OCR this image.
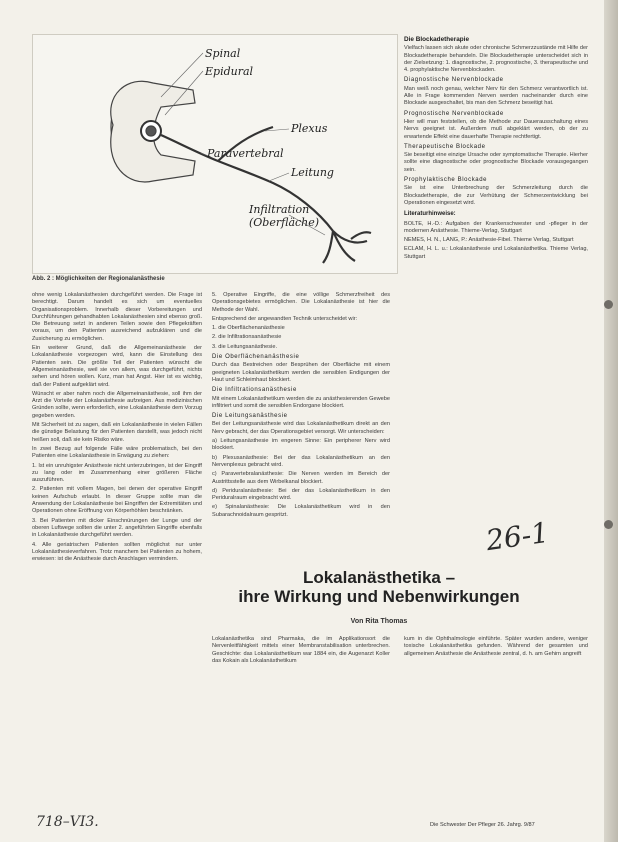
Spinal
Epidural
Plexus
Paravertebral
Leitung
Infiltration
(Oberfläche)
Abb. 2 : Möglichkeiten der Regionalanästhesie

ohne wenig Lokalanästhesien durchgeführt werden. Die Frage ist berechtigt. Darum handelt es sich um eventuelles Organisationsproblem. Innerhalb dieser Vorbereitungen und Durchführungen gehandhabten Lokalanästhesien sind ebenso groß. Die Betreuung setzt in anderen Teilen sowie den Pflegekräften voraus, um den Patienten ausreichend aufzuklären und die Zusicherung zu ermöglichen.

Ein weiterer Grund, daß die Allgemeinanästhesie der Lokalanästhesie vorgezogen wird, kann die Einstellung des Patienten sein. Die größte Teil der Patienten wünscht die Allgemeinanästhesie, weil sie von allem, was durchgeführt, nichts sehen und hören wollen. Kurz, man hat Angst. Hier ist es wichtig, daß der Patient aufgeklärt wird.

Wünscht er aber nahm noch die Allgemeinanästhesie, soll ihm der Arzt die Vorteile der Lokalanästhesie aufzeigen. Aus medizinischen Gründen sollte, wenn erforderlich, eine Lokalanästhesie dem Vorzug gegeben werden.

Mit Sicherheit ist zu sagen, daß ein Lokalanästhesie in vielen Fällen die günstige Belastung für den Patienten darstellt, was jedoch nicht heißen soll, daß sie kein Risiko wäre.

In zwei Bezug auf folgende Fälle wäre problematisch, bei den Patienten eine Lokalanästhesie in Erwägung zu ziehen:

1. Ist ein unruhigster Anästhesie nicht unterzubringen, ist der Eingriff zu lang oder im Zusammenhang einer größeren Fläche auszuführen.

2. Patienten mit vollem Magen, bei denen der operative Eingriff keinen Aufschub erlaubt. In dieser Gruppe sollte man die Anwendung der Lokalanästhesie bei Eingriffen der Extremitäten und Operationen ohne Eröffnung von Körperhöhlen beschränken.

3. Bei Patienten mit dicker Einschnürungen der Lunge und der oberen Luftwege sollten die unter 2. angeführten Eingriffe ebenfalls in Lokalanästhesie durchgeführt werden.

4. Alle geriatrischen Patienten sollten möglichst nur unter Lokalanästhesieverfahren. Trotz manchem bei Patienten zu hohem, erwiesen: ist die Anästhesie durch Anschlagen vermindern.

5. Operative Eingriffe, die eine völlige Schmerzfreiheit des Operationsgebietes ermöglichen. Die Lokalanästhesie ist hier die Methode der Wahl.

Entsprechend der angewandten Technik unterscheidet wir:

1. die Oberflächenanästhesie

2. die Infiltrationsanästhesie

3. die Leitungsanästhesie.

Die Oberflächenanästhesie

Durch das Bestreichen oder Besprühen der Oberfläche mit einem geeigneten Lokalanästhetikum werden die sensiblen Endigungen der Haut und Schleimhaut blockiert.

Die Infiltrationsanästhesie

Mit einem Lokalanästhetikum werden die zu anästhesierenden Gewebe infiltriert und somit die sensiblen Endorgane blockiert.

Die Leitungsanästhesie

Bei der Leitungsanästhesie wird das Lokalanästhetikum direkt an den Nerv gebracht, der das Operationsgebiet versorgt. Wir unterscheiden:

a) Leitungsanästhesie im engeren Sinne: Ein peripherer Nerv wird blockiert.

b) Plexusanästhesie: Bei der das Lokalanästhetikum an den Nervenplexus gebracht wird.

c) Paravertebralanästhesie: Die Nerven werden im Bereich der Austrittsstelle aus dem Wirbelkanal blockiert.

d) Periduralanästhesie: Bei der das Lokalanästhetikum in den Periduralraum eingebracht wird.

e) Spinalanästhesie: Die Lokalanästhetikum wird in den Subarachnoidalraum gespritzt.

Die Blockadetherapie

Vielfach lassen sich akute oder chronische Schmerzzustände mit Hilfe der Blockadetherapie behandeln. Die Blockadetherapie unterscheidet sich in der Zielsetzung: 1. diagnostische, 2. prognostische, 3. therapeutische und 4. prophylaktische Nervenblockaden.

Diagnostische Nervenblockade

Man weiß noch genau, welcher Nerv für den Schmerz verantwortlich ist. Alle in Frage kommenden Nerven werden nacheinander durch eine Blockade ausgeschaltet, bis man den Schmerz beseitigt hat.

Prognostische Nervenblockade

Hier will man feststellen, ob die Methode zur Dauerausschaltung eines Nervs geeignet ist. Außerdem muß abgeklärt werden, ob der zu erwartende Effekt eine dauerhafte Therapie rechtfertigt.

Therapeutische Blockade

Sie beseitigt eine einzige Ursache oder symptomatische Therapie. Hierher sollte eine diagnostische oder prognostische Blockade vorausgegangen sein.

Prophylaktische Blockade

Sie ist eine Unterbrechung der Schmerzleitung durch die Blockadetherapie, die zur Verhütung der Schmerzentwicklung bei Operationen eingesetzt wird.

Literaturhinweise:

BOLTE, H.-D.: Aufgaben der Krankenschwester und -pfleger in der modernen Anästhesie. Thieme-Verlag, Stuttgart

NEMES, H. N., LANG, P.: Anästhesie-Fibel. Thieme Verlag, Stuttgart

ECLAM, H. L. u.: Lokalanästhesie und Lokalanästhetika. Thieme Verlag, Stuttgart

26-1
Lokalanästhetika –
ihre Wirkung und Nebenwirkungen
Von Rita Thomas

Lokalanästhetika sind Pharmaka, die im Applikationsort die Nervenleitfähigkeit mittels einer Membranstabilisation unterbrechen. Geschichte: das Lokalanästhetikum war 1884 ein, die Augenarzt Koller das Kokain als Lokalanästhetikum

kum in die Ophthalmologie einführte. Später wurden andere, weniger toxische Lokalanästhetika gefunden. Während der gesamten und allgemeinen Anästhesie die Anästhesie zentral, d. h. am Gehirn angreift

718–VI3.	Die Schwester Der Pfleger 26. Jahrg. 9/87
